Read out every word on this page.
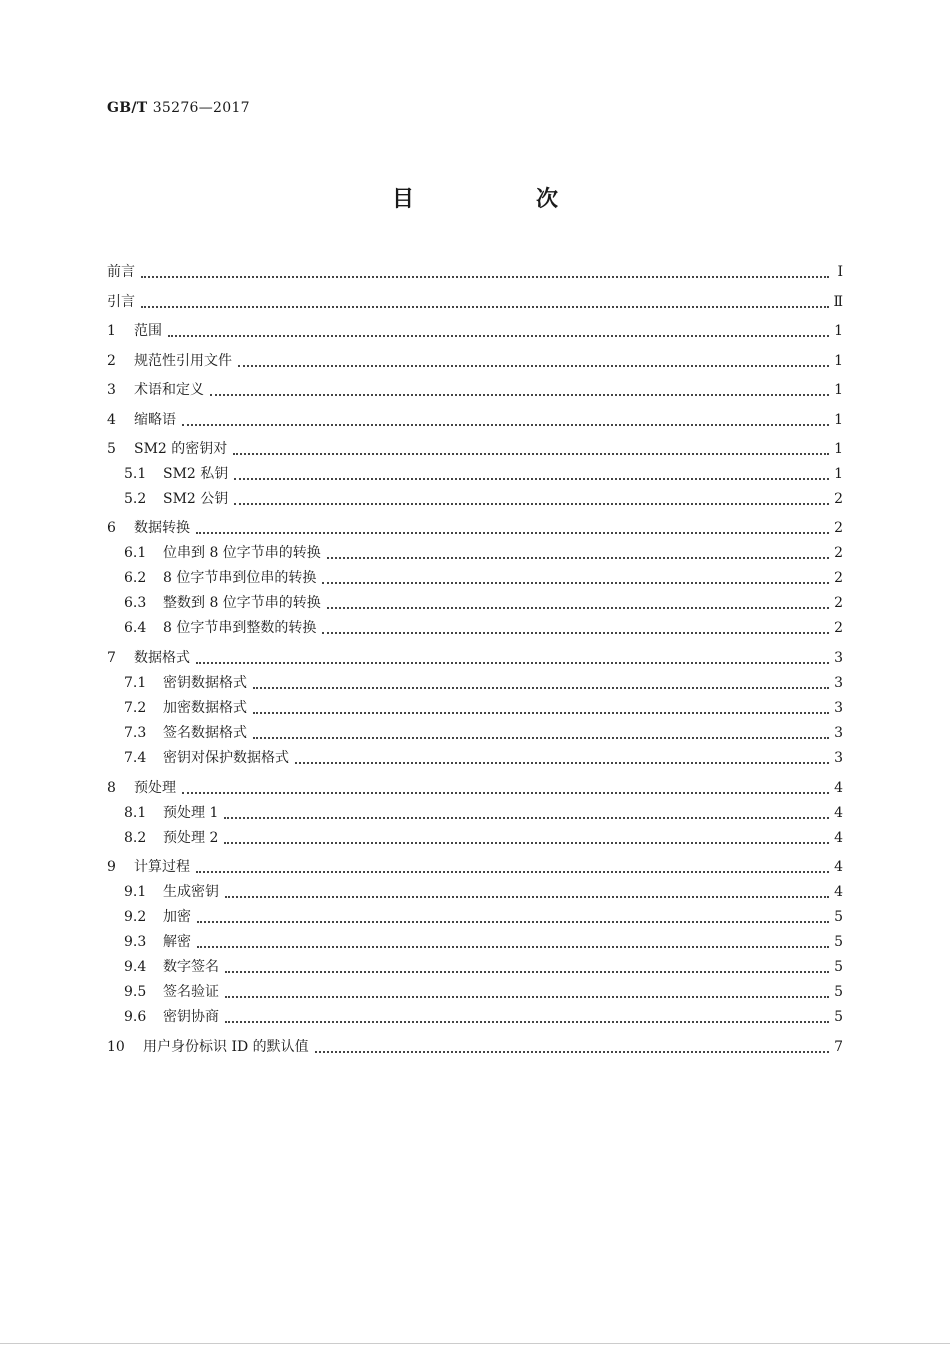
GB/T 35276—2017
目　次
前言	Ⅰ
引言	Ⅱ
1	范围	1
2	规范性引用文件	1
3	术语和定义	1
4	缩略语	1
5	SM2 的密钥对	1
5.1	SM2 私钥	1
5.2	SM2 公钥	2
6	数据转换	2
6.1	位串到 8 位字节串的转换	2
6.2	8 位字节串到位串的转换	2
6.3	整数到 8 位字节串的转换	2
6.4	8 位字节串到整数的转换	2
7	数据格式	3
7.1	密钥数据格式	3
7.2	加密数据格式	3
7.3	签名数据格式	3
7.4	密钥对保护数据格式	3
8	预处理	4
8.1	预处理 1	4
8.2	预处理 2	4
9	计算过程	4
9.1	生成密钥	4
9.2	加密	5
9.3	解密	5
9.4	数字签名	5
9.5	签名验证	5
9.6	密钥协商	5
10	用户身份标识 ID 的默认值	7
